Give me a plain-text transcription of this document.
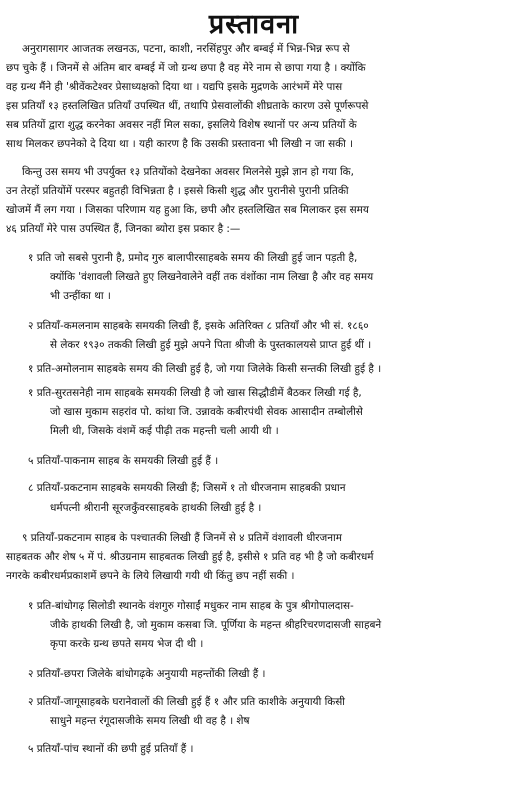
प्रस्तावना
अनुरागसागर आजतक लखनऊ, पटना, काशी, नरसिंहपुर और बम्बई में भिन्न-भिन्न रूप से
छप चुके हैं । जिनमें से अंतिम बार बम्बई में जो ग्रन्थ छपा है वह मेरे नाम से छापा गया है । क्योंकि
वह ग्रन्थ मैंने ही 'श्रीवेंकटेश्वर प्रेसाध्यक्षको दिया था । यद्यपि इसके मुद्रणके आरंभमें मेरे पास
इस प्रतियाँ १३ हस्तलिखित प्रतियाँ उपस्थित थीं, तथापि प्रेसवालोंकी शीघ्रताके कारण उसे पूर्णरूपसे
सब प्रतियों द्वारा शुद्ध करनेका अवसर नहीं मिल सका, इसलिये विशेष स्थानों पर अन्य प्रतियों के
साथ मिलकर छपनेको दे दिया था । यही कारण है कि उसकी प्रस्तावना भी लिखी न जा सकी ।
किन्तु उस समय भी उपर्युक्त १३ प्रतियोंको देखनेका अवसर मिलनेसे मुझे ज्ञान हो गया कि,
उन तेरहों प्रतियोंमें परस्पर बहुतही विभिन्नता है । इससे किसी शुद्ध और पुरानीसे पुरानी प्रतिकी
खोजमें मैं लग गया । जिसका परिणाम यह हुआ कि, छपी और हस्तलिखित सब मिलाकर इस समय
४६ प्रतियाँ मेरे पास उपस्थित हैं, जिनका ब्योरा इस प्रकार है :—
१ प्रति जो सबसे पुरानी है, प्रमोद गुरु बालापीरसाहबके समय की लिखी हुई जान पड़ती है,
क्योंकि 'वंशावली लिखते हुए लिखनेवालेने वहीं तक वंशोंका नाम लिखा है और वह समय
भी उन्हींका था ।
२ प्रतियाँ-कमलनाम साहबके समयकी लिखी हैं, इसके अतिरिक्त ८ प्रतियाँ और भी सं. १८६०
से लेकर १९३० तककी लिखी हुई मुझे अपने पिता श्रीजी के पुस्तकालयसे प्राप्त हुई थीं ।
१ प्रति-अमोलनाम साहबके समय की लिखी हुई है, जो गया जिलेके किसी सन्तकी लिखी हुई है ।
१ प्रति-सुरतसनेही नाम साहबके समयकी लिखी है जो खास सिद्धौडीमें बैठकर लिखी गई है,
जो खास मुकाम सहरांव पो. कांथा जि. उन्नावके कबीरपंथी सेवक आसादीन तम्बोलीसे
मिली थी, जिसके वंशमें कई पीढ़ी तक महन्ती चली आयी थी ।
५ प्रतियाँ-पाकनाम साहब के समयकी लिखी हुई हैं ।
८ प्रतियाँ-प्रकटनाम साहबके समयकी लिखी हैं; जिसमें १ तो धीरजनाम साहबकी प्रधान
धर्मपत्नी श्रीरानी सूरजकुँवरसाहबके हाथकी लिखी हुई है ।
९ प्रतियाँ-प्रकटनाम साहब के पश्चातकी लिखी हैं जिनमें से ४ प्रतिमें वंशावली धीरजनाम
साहबतक और शेष ५ में पं. श्रीउग्रनाम साहबतक लिखी हुई है, इसीसे १ प्रति वह भी है जो कबीरधर्म
नगरके कबीरधर्मप्रकाशमें छपने के लिये लिखायी गयी थी किंतु छप नहीं सकी ।
१ प्रति-बांधोगढ़ सिलोडी स्थानके वंशगुरु गोसाईं मधुकर नाम साहब के पुत्र श्रीगोपालदास-
जीके हाथकी लिखी है, जो मुकाम कसबा जि. पूर्णिया के महन्त श्रीहरिचरणदासजी साहबने
कृपा करके ग्रन्थ छपते समय भेज दी थी ।
२ प्रतियाँ-छपरा जिलेके बांधोगढ़के अनुयायी महन्तोंकी लिखी हैं ।
२ प्रतियाँ-जागूसाहबके घरानेवालों की लिखी हुई हैं १ और प्रति काशीके अनुयायी किसी
साधुने महन्त रंगूदासजीके समय लिखी थी वह है । शेष
५ प्रतियाँ-पांच स्थानों की छपी हुई प्रतियाँ हैं ।
